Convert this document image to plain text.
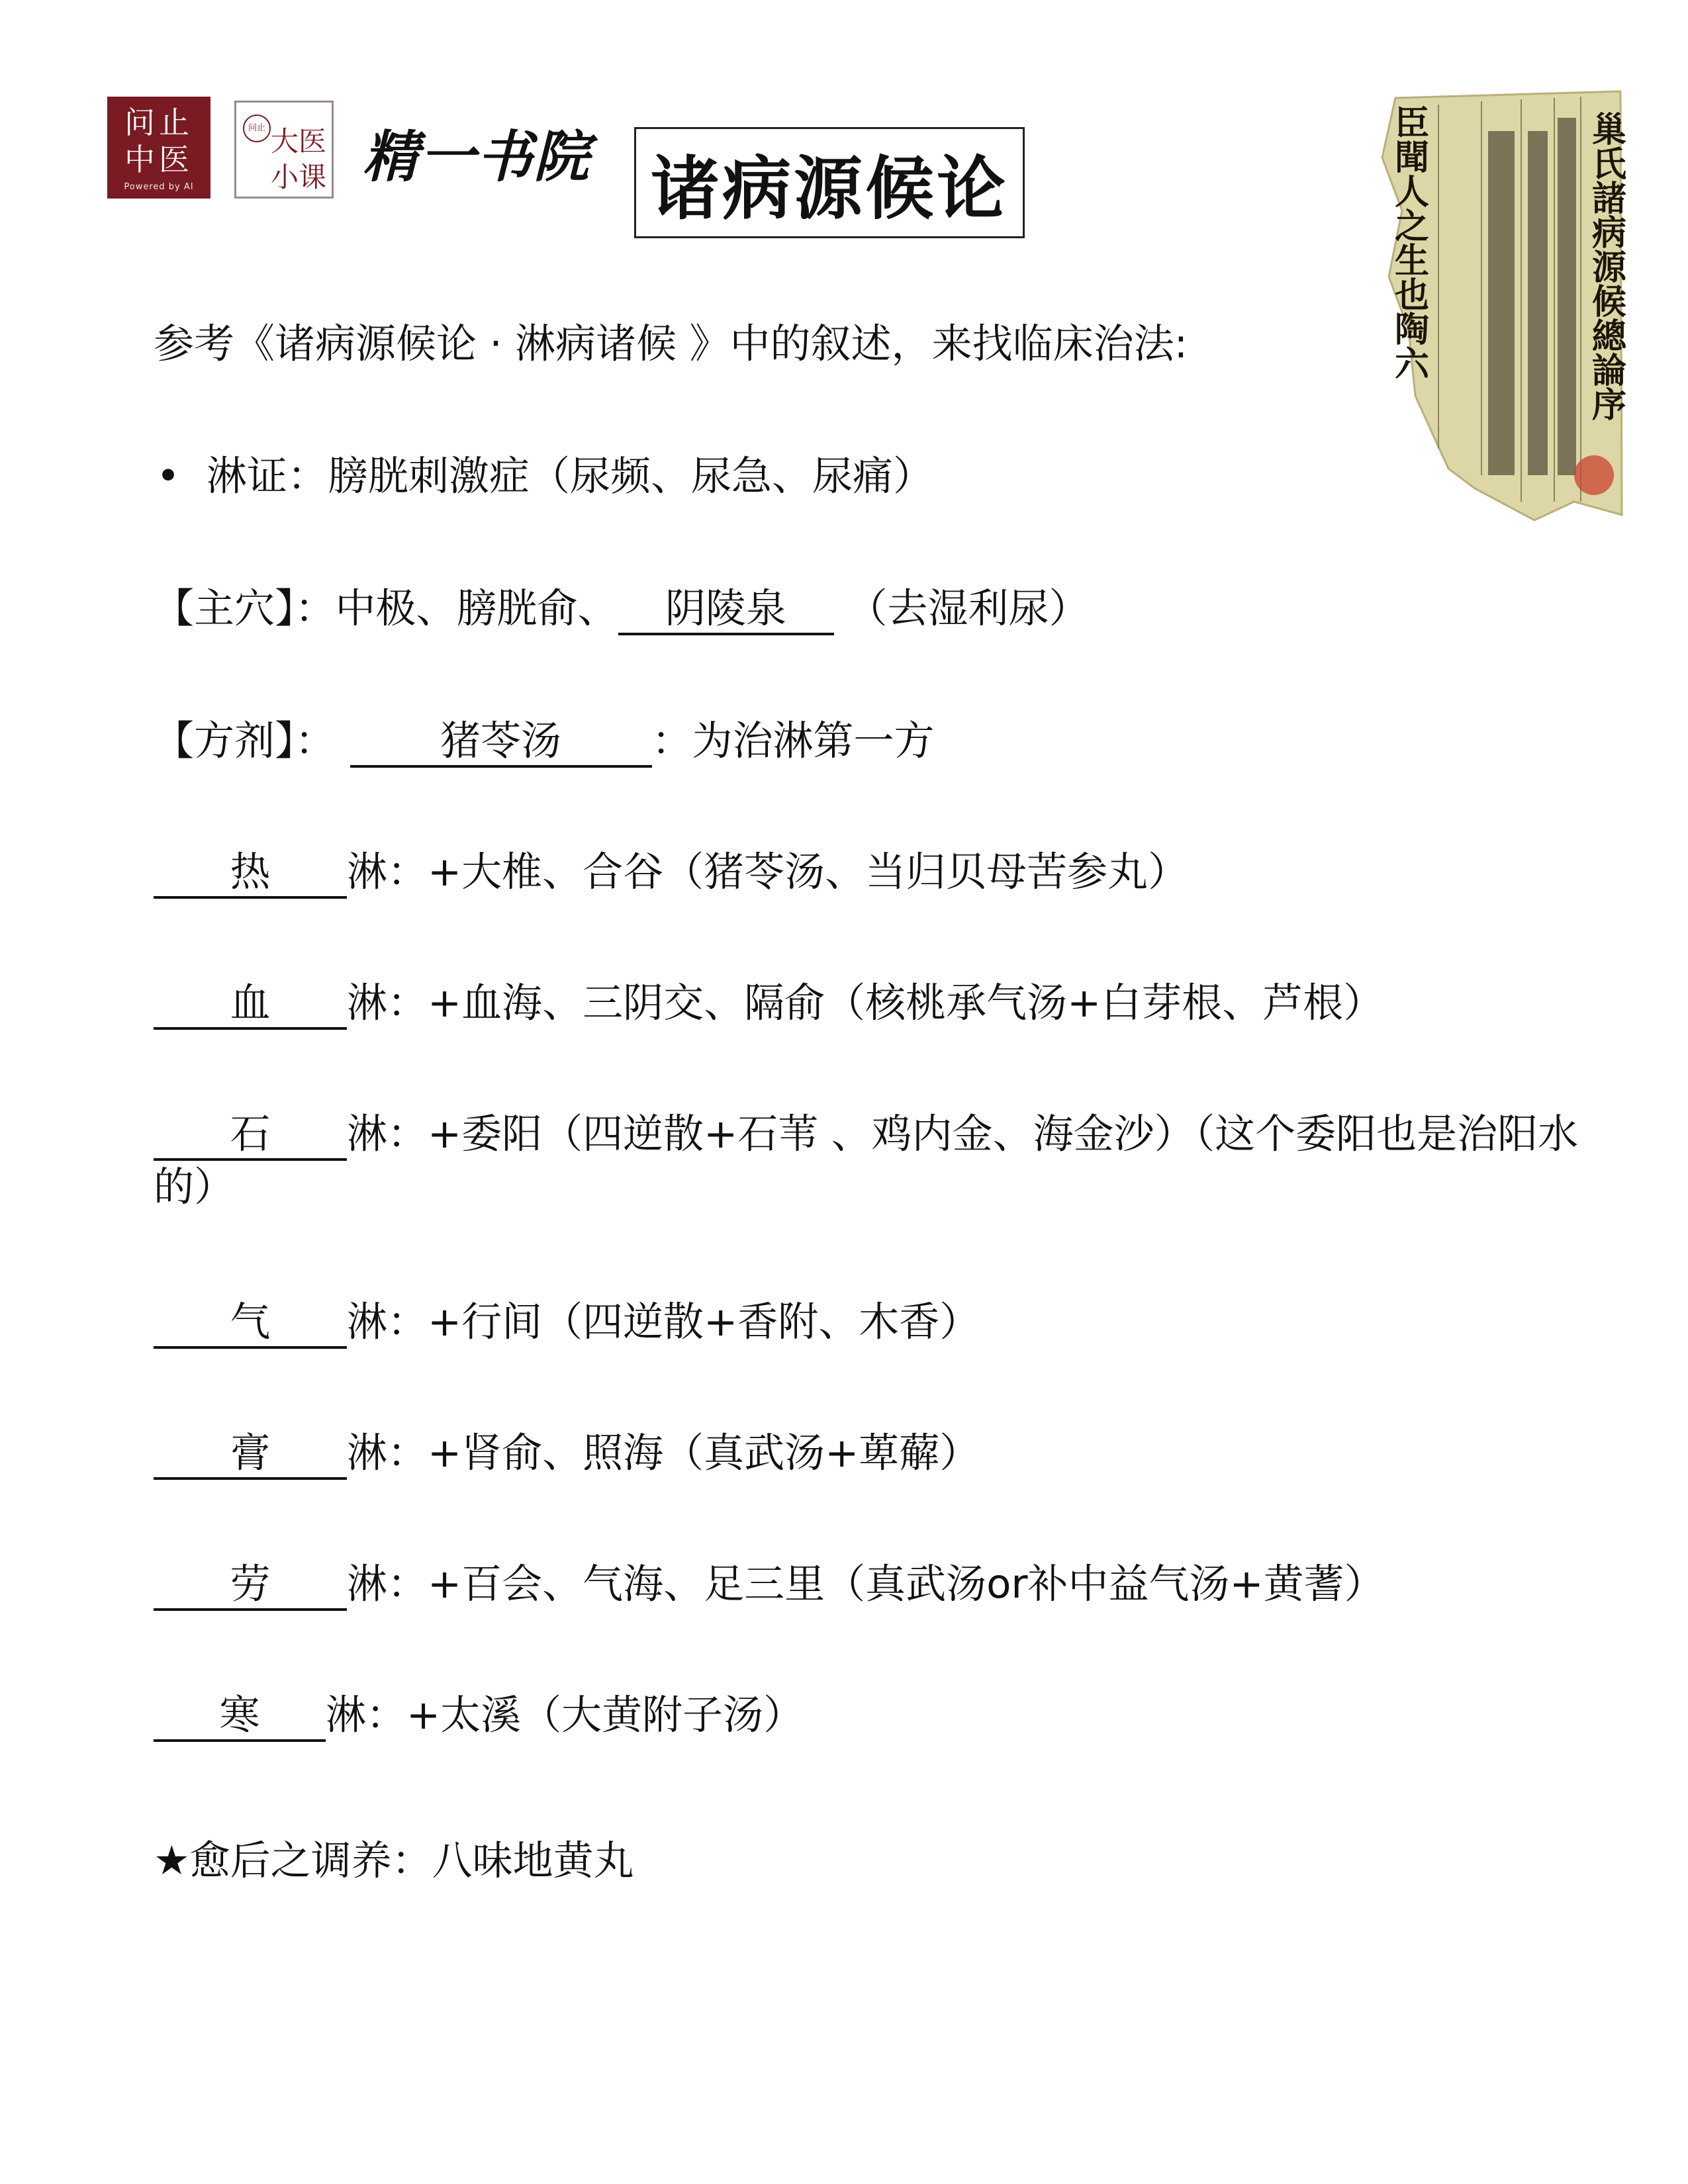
问止
中医
Powered by AI
问止 大医
小课 精一书院 诸病源候论	巢氏諸病源候總論序
臣聞人之生也陶六
参考《诸病源候论 · 淋病诸候 》中的叙述，来找临床治法:
• 淋证：膀胱刺激症（尿频、尿急、尿痛）
【主穴】：中极、膀胱俞、 阴陵泉 （去湿利尿）
【方剂】：	猪苓汤 ：为治淋第一方
热 淋：+大椎、合谷（猪苓汤、当归贝母苦参丸）
血 淋：+血海、三阴交、隔俞（核桃承气汤+白芽根、芦根）
石 淋：+委阳（四逆散+石苇 、鸡内金、海金沙）（这个委阳也是治阳水的）
气 淋：+行间（四逆散+香附、木香）
膏 淋：+肾俞、照海（真武汤+萆薢）
劳 淋：+百会、气海、足三里（真武汤or补中益气汤+黄蓍）
寒 淋：+太溪（大黄附子汤）
★愈后之调养：八味地黄丸
